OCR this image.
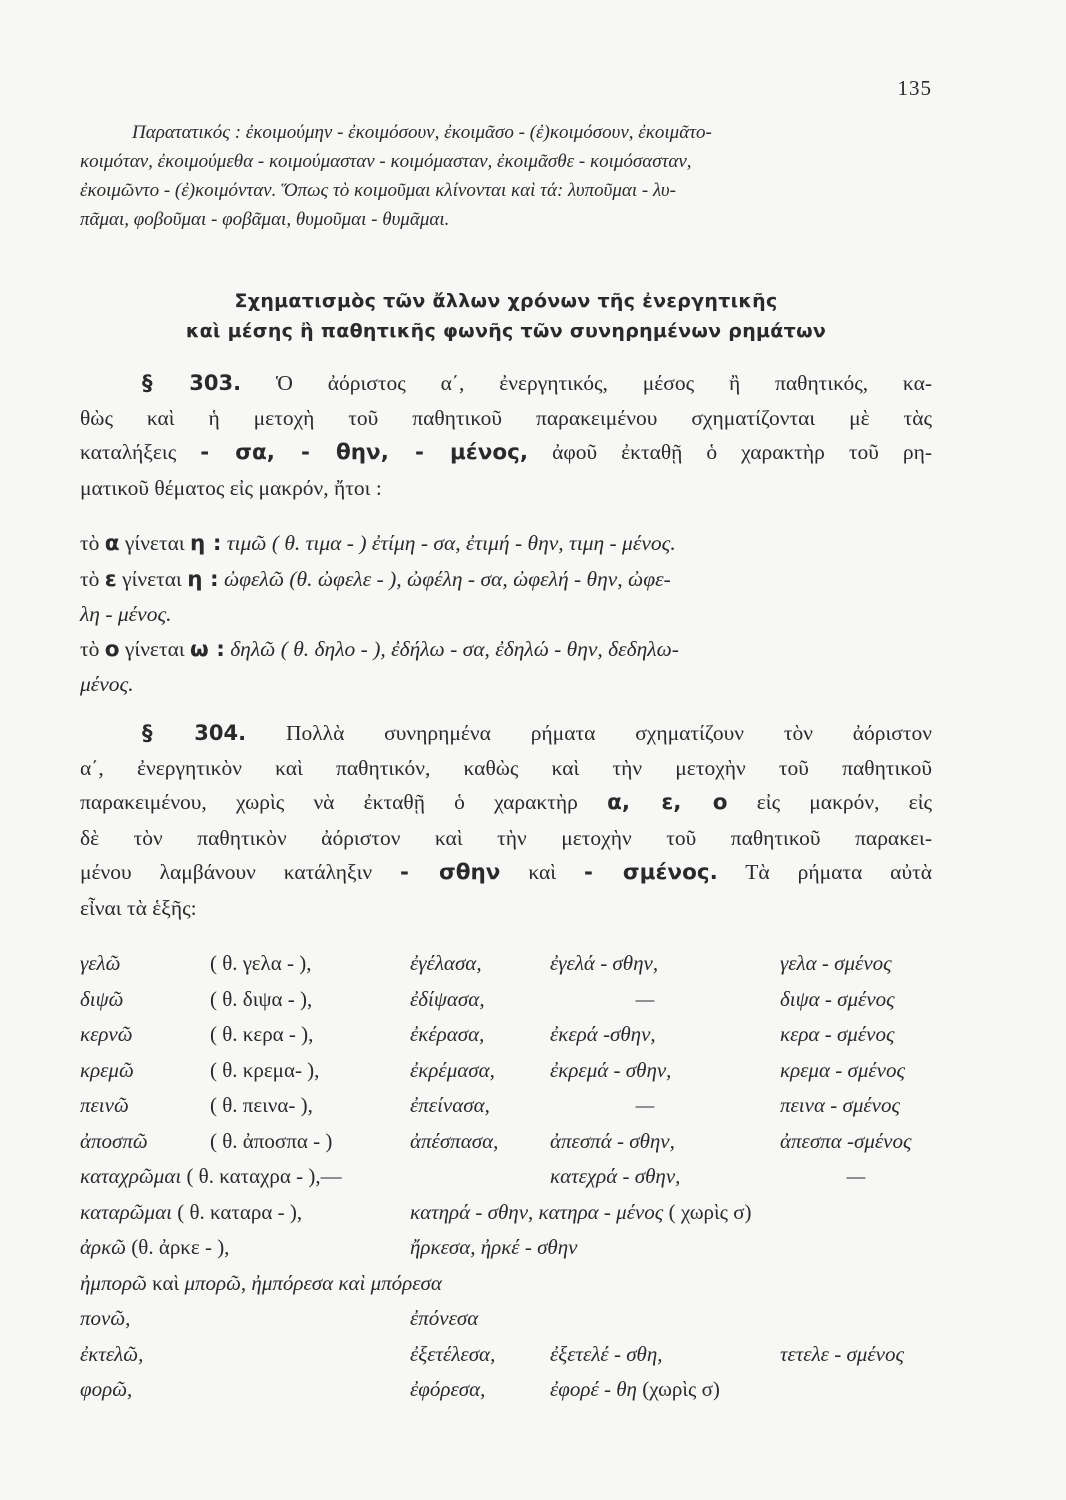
135
Παρατατικός : ἐκοιμούμην - ἐκοιμόσουν, ἐκοιμᾶσο - (ἐ)κοιμόσουν, ἐκοιμᾶτο-
κοιμόταν, ἐκοιμούμεθα - κοιμούμασταν - κοιμόμασταν, ἐκοιμᾶσθε - κοιμόσασταν,
ἐκοιμῶντο - (ἐ)κοιμόνταν. Ὅπως τὸ κοιμοῦμαι κλίνονται καὶ τά: λυποῦμαι - λυ-
πᾶμαι, φοβοῦμαι - φοβᾶμαι, θυμοῦμαι - θυμᾶμαι.
Σχηματισμὸς τῶν ἄλλων χρόνων τῆς ἐνεργητικῆς
καὶ μέσης ἢ παθητικῆς φωνῆς τῶν συνηρημένων ρημάτων
§ 303. Ὁ ἀόριστος α΄, ἐνεργητικός, μέσος ἢ παθητικός, κα-
θὼς καὶ ἡ μετοχὴ τοῦ παθητικοῦ παρακειμένου σχηματίζονται μὲ τὰς
καταλήξεις - σα, - θην, - μένος, ἀφοῦ ἐκταθῇ ὁ χαρακτὴρ τοῦ ρη-
ματικοῦ θέματος εἰς μακρόν, ἤτοι :
τὸ α γίνεται η : τιμῶ ( θ. τιμα - ) ἐτίμη - σα, ἐτιμή - θην, τιμη - μένος.
τὸ ε γίνεται η : ὠφελῶ (θ. ὠφελε - ), ὠφέλη - σα, ὠφελή - θην, ὠφε-
λη - μένος.
τὸ ο γίνεται ω : δηλῶ ( θ. δηλο - ), ἐδήλω - σα, ἐδηλώ - θην, δεδηλω-
μένος.
§ 304. Πολλὰ συνηρημένα ρήματα σχηματίζουν τὸν ἀόριστον
α΄, ἐνεργητικὸν καὶ παθητικόν, καθὼς καὶ τὴν μετοχὴν τοῦ παθητικοῦ
παρακειμένου, χωρὶς νὰ ἐκταθῇ ὁ χαρακτὴρ α, ε, ο εἰς μακρόν, εἰς
δὲ τὸν παθητικὸν ἀόριστον καὶ τὴν μετοχὴν τοῦ παθητικοῦ παρακει-
μένου λαμβάνουν κατάληξιν - σθην καὶ - σμένος. Τὰ ρήματα αὐτὰ
εἶναι τὰ ἑξῆς:
γελῶ	( θ. γελα - ),	ἐγέλασα,	ἐγελά - σθην,	γελα - σμένος
διψῶ	( θ. διψα - ),	ἐδίψασα,	—	διψα - σμένος
κερνῶ	( θ. κερα - ),	ἐκέρασα,	ἐκερά -σθην,	κερα - σμένος
κρεμῶ	( θ. κρεμα- ),	ἐκρέμασα,	ἐκρεμά - σθην,	κρεμα - σμένος
πεινῶ	( θ. πεινα- ),	ἐπείνασα,	—	πεινα - σμένος
ἀποσπῶ	( θ. ἀποσπα - )	ἀπέσπασα,	ἀπεσπά - σθην,	ἀπεσπα -σμένος
καταχρῶμαι ( θ. καταχρα - ),—			κατεχρά - σθην,	—
καταρῶμαι ( θ. καταρα - ),		κατηρά - σθην, κατηρα - μένος ( χωρὶς σ)		
ἀρκῶ (θ. ἀρκε - ),		ἤρκεσα, ἠρκέ - σθην		
ἠμπορῶ καὶ μπορῶ, ἠμπόρεσα καὶ μπόρεσα				
πονῶ,		ἐπόνεσα		
ἐκτελῶ,		ἐξετέλεσα,	ἐξετελέ - σθη,	τετελε - σμένος
φορῶ,		ἐφόρεσα,	ἐφορέ - θη (χωρὶς σ)	
